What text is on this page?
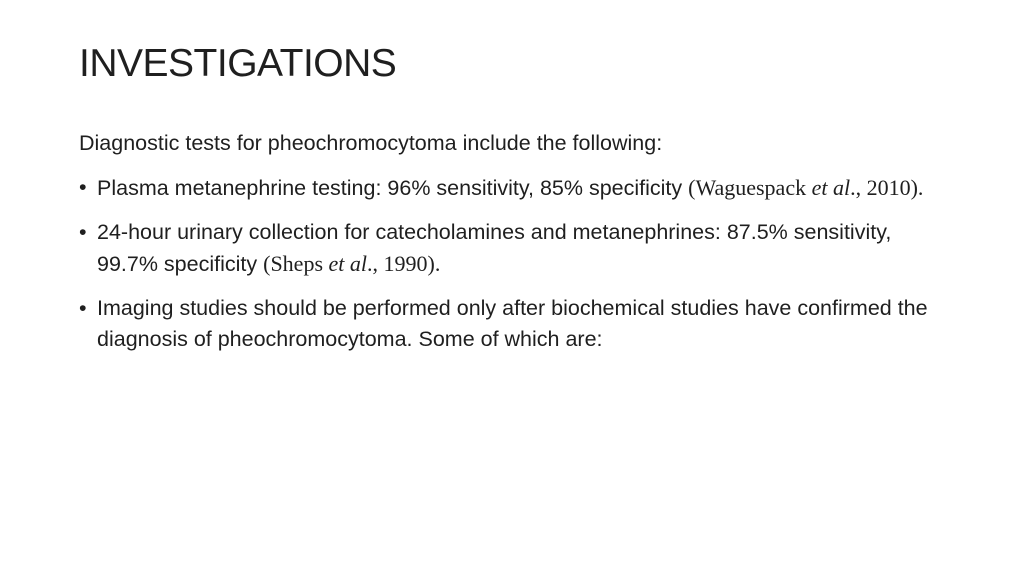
INVESTIGATIONS

Diagnostic tests for pheochromocytoma include the following:

• Plasma metanephrine testing: 96% sensitivity, 85% specificity (Waguespack et al., 2010).
• 24-hour urinary collection for catecholamines and metanephrines: 87.5% sensitivity, 99.7% specificity (Sheps et al., 1990).
• Imaging studies should be performed only after biochemical studies have confirmed the diagnosis of pheochromocytoma. Some of which are:
